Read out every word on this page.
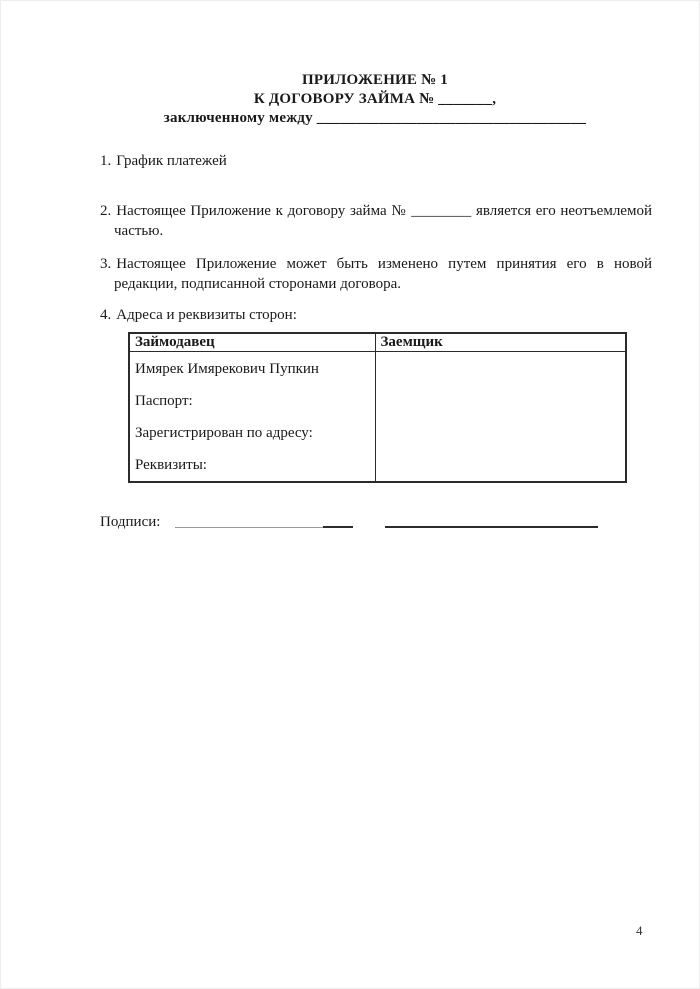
ПРИЛОЖЕНИЕ № 1
К ДОГОВОРУ ЗАЙМА № _______,
заключенному между ___________________________________

1. График платежей

2. Настоящее Приложение к договору займа № ________ является его неотъемлемой частью.

3. Настоящее Приложение может быть изменено путем принятия его в новой редакции, подписанной сторонами договора.

4. Адреса и реквизиты сторон:

Займодавец	Заемщик

Имярек Имярекович Пупкин
Паспорт:
Зарегистрирован по адресу:
Реквизиты:	

Подписи:
4
